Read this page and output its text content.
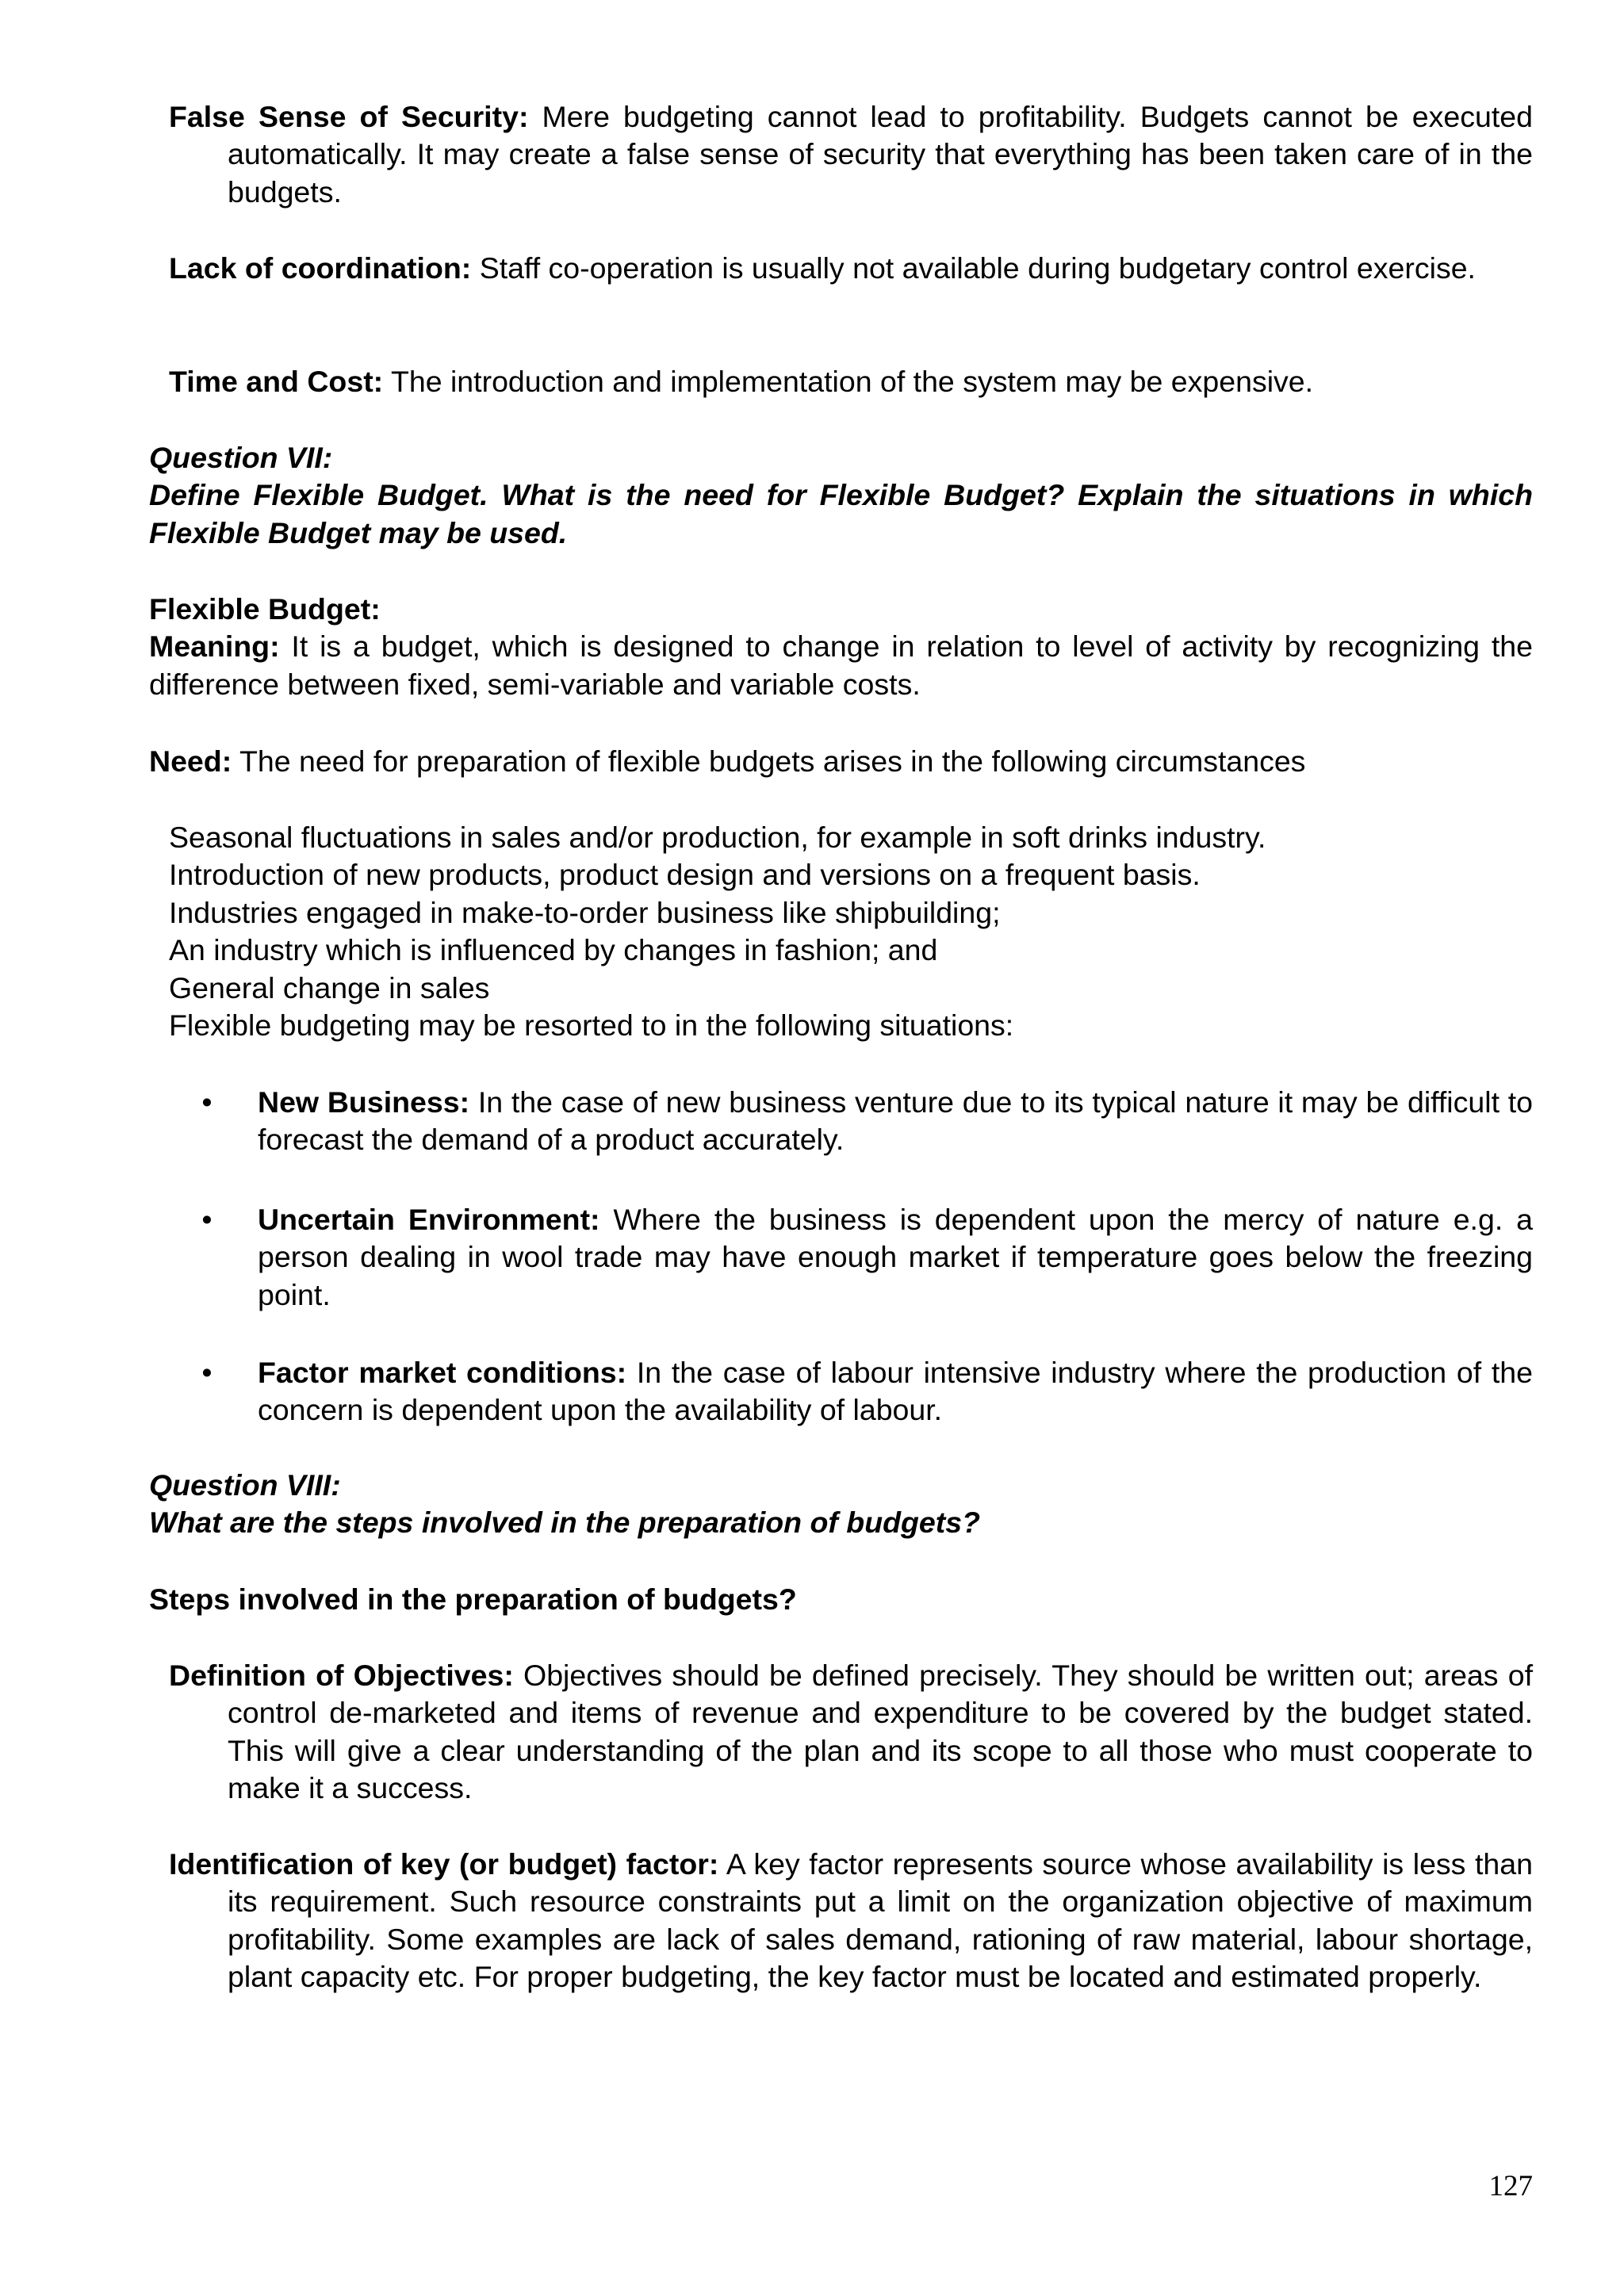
False Sense of Security: Mere budgeting cannot lead to profitability. Budgets cannot be executed automatically. It may create a false sense of security that everything has been taken care of in the budgets.

Lack of coordination: Staff co-operation is usually not available during budgetary control exercise.

Time and Cost: The introduction and implementation of the system may be expensive.

Question VII:
Define Flexible Budget. What is the need for Flexible Budget? Explain the situations in which Flexible Budget may be used.

Flexible Budget:
Meaning: It is a budget, which is designed to change in relation to level of activity by recognizing the difference between fixed, semi-variable and variable costs.

Need: The need for preparation of flexible budgets arises in the following circumstances

Seasonal fluctuations in sales and/or production, for example in soft drinks industry.
Introduction of new products, product design and versions on a frequent basis.
Industries engaged in make-to-order business like shipbuilding;
An industry which is influenced by changes in fashion; and
General change in sales
Flexible budgeting may be resorted to in the following situations:
• New Business: In the case of new business venture due to its typical nature it may be difficult to forecast the demand of a product accurately.

• Uncertain Environment: Where the business is dependent upon the mercy of nature e.g. a person dealing in wool trade may have enough market if temperature goes below the freezing point.

• Factor market conditions: In the case of labour intensive industry where the production of the concern is dependent upon the availability of labour.

Question VIII:
What are the steps involved in the preparation of budgets?

Steps involved in the preparation of budgets?

Definition of Objectives: Objectives should be defined precisely. They should be written out; areas of control de-marketed and items of revenue and expenditure to be covered by the budget stated. This will give a clear understanding of the plan and its scope to all those who must cooperate to make it a success.

Identification of key (or budget) factor: A key factor represents source whose availability is less than its requirement. Such resource constraints put a limit on the organization objective of maximum profitability. Some examples are lack of sales demand, rationing of raw material, labour shortage, plant capacity etc. For proper budgeting, the key factor must be located and estimated properly.

127
